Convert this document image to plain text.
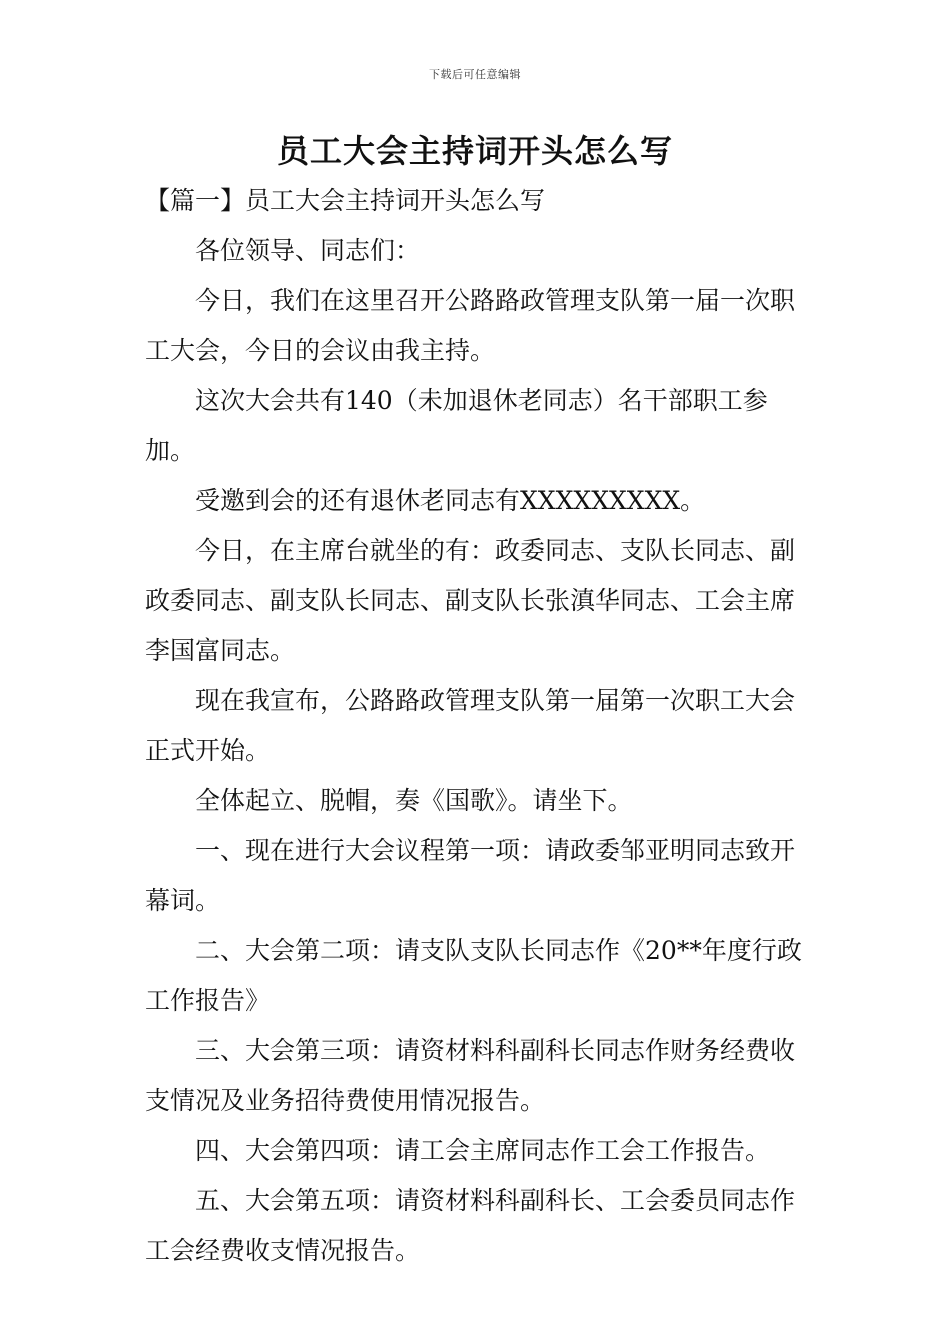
下载后可任意编辑
员工大会主持词开头怎么写

【篇一】员工大会主持词开头怎么写

各位领导、同志们：

今日，我们在这里召开公路路政管理支队第一届一次职工大会，今日的会议由我主持。

这次大会共有140（未加退休老同志）名干部职工参加。

受邀到会的还有退休老同志有XXXXXXXXX。

今日，在主席台就坐的有：政委同志、支队长同志、副政委同志、副支队长同志、副支队长张滇华同志、工会主席李国富同志。

现在我宣布，公路路政管理支队第一届第一次职工大会正式开始。

全体起立、脱帽，奏《国歌》。请坐下。

一、现在进行大会议程第一项：请政委邹亚明同志致开幕词。

二、大会第二项：请支队支队长同志作《20**年度行政工作报告》

三、大会第三项：请资材料科副科长同志作财务经费收支情况及业务招待费使用情况报告。

四、大会第四项：请工会主席同志作工会工作报告。

五、大会第五项：请资材料科副科长、工会委员同志作工会经费收支情况报告。
